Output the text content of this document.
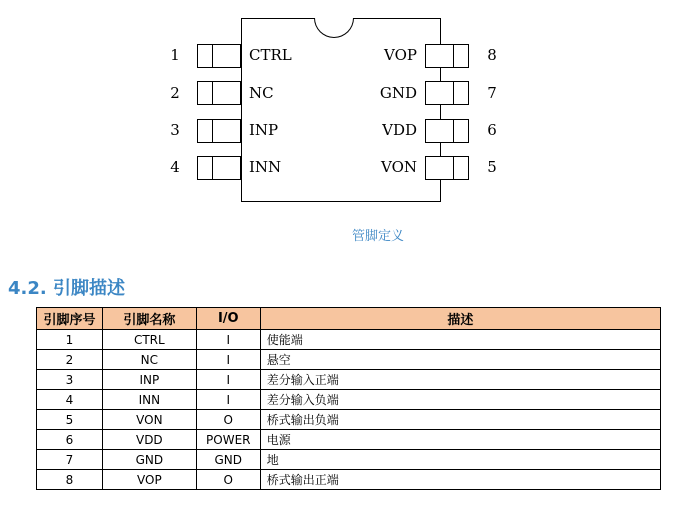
1	CTRL
2	NC
3	INP
4	INN
VOP	8
GND	7
VDD	6
VON	5
管脚定义
4.2. 引脚描述
引脚序号	引脚名称	I/O	描述
1	CTRL	I	使能端
2	NC	I	悬空
3	INP	I	差分输入正端
4	INN	I	差分输入负端
5	VON	O	桥式输出负端
6	VDD	POWER	电源
7	GND	GND	地
8	VOP	O	桥式输出正端
